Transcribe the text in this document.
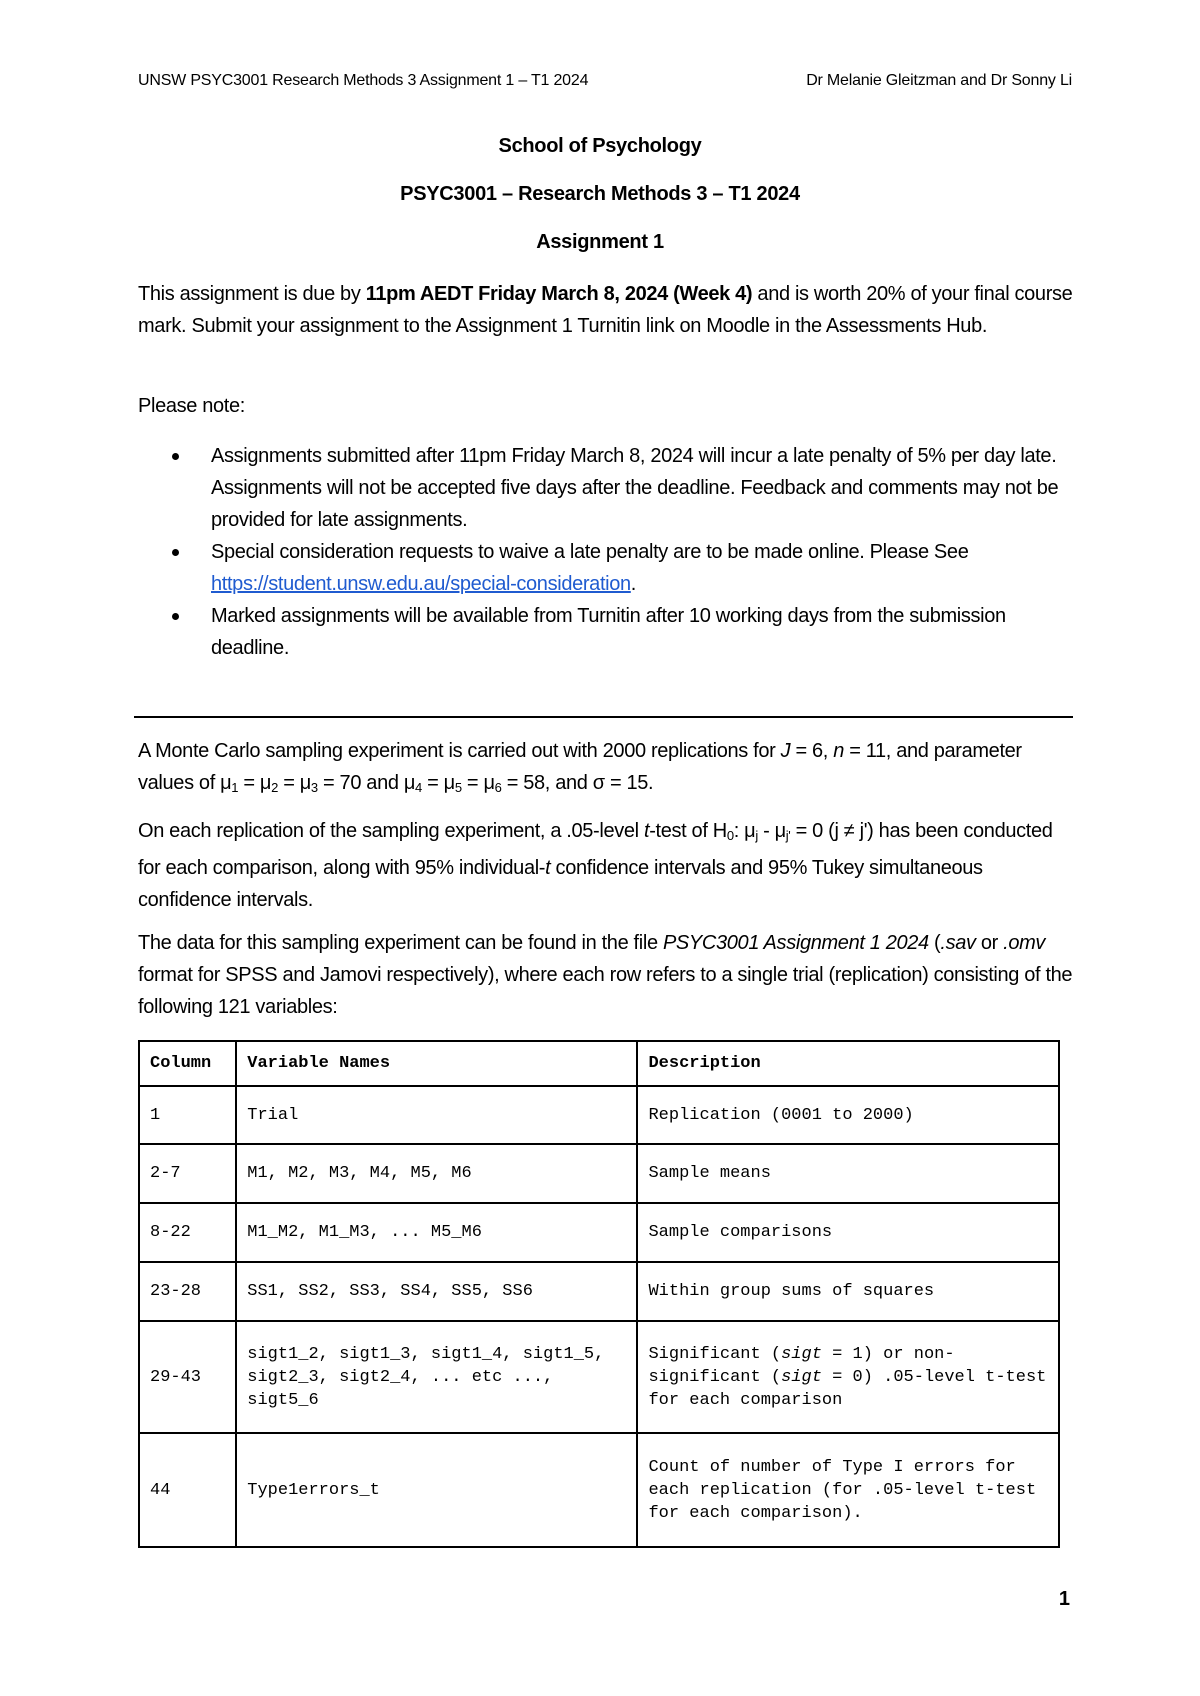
UNSW PSYC3001 Research Methods 3 Assignment 1 – T1 2024	Dr Melanie Gleitzman and Dr Sonny Li
School of Psychology
PSYC3001 – Research Methods 3 – T1 2024
Assignment 1
This assignment is due by 11pm AEDT Friday March 8, 2024 (Week 4) and is worth 20% of your final course mark. Submit your assignment to the Assignment 1 Turnitin link on Moodle in the Assessments Hub.
Please note:
Assignments submitted after 11pm Friday March 8, 2024 will incur a late penalty of 5% per day late. Assignments will not be accepted five days after the deadline. Feedback and comments may not be provided for late assignments.
Special consideration requests to waive a late penalty are to be made online. Please See https://student.unsw.edu.au/special-consideration.
Marked assignments will be available from Turnitin after 10 working days from the submission deadline.
A Monte Carlo sampling experiment is carried out with 2000 replications for J = 6, n = 11, and parameter values of $\mu_1 = \mu_2 = \mu_3 = 70$ and $\mu_4 = \mu_5 = \mu_6 = 58$, and σ = 15.
On each replication of the sampling experiment, a .05-level t-test of $H_0$: $\mu_j - \mu_{j'} = 0$ (j ≠ j') has been conducted for each comparison, along with 95% individual-t confidence intervals and 95% Tukey simultaneous confidence intervals.
The data for this sampling experiment can be found in the file PSYC3001 Assignment 1 2024 (.sav or .omv format for SPSS and Jamovi respectively), where each row refers to a single trial (replication) consisting of the following 121 variables:
Column	Variable Names	Description
1	Trial	Replication (0001 to 2000)
2-7	M1, M2, M3, M4, M5, M6	Sample means
8-22	M1_M2, M1_M3, ... M5_M6	Sample comparisons
23-28	SS1, SS2, SS3, SS4, SS5, SS6	Within group sums of squares
29-43	sigt1_2, sigt1_3, sigt1_4, sigt1_5, sigt2_3, sigt2_4, ... etc ..., sigt5_6	Significant (sigt = 1) or non-significant (sigt = 0) .05-level t-test for each comparison
44	Type1errors_t	Count of number of Type I errors for each replication (for .05-level t-test for each comparison).
1
